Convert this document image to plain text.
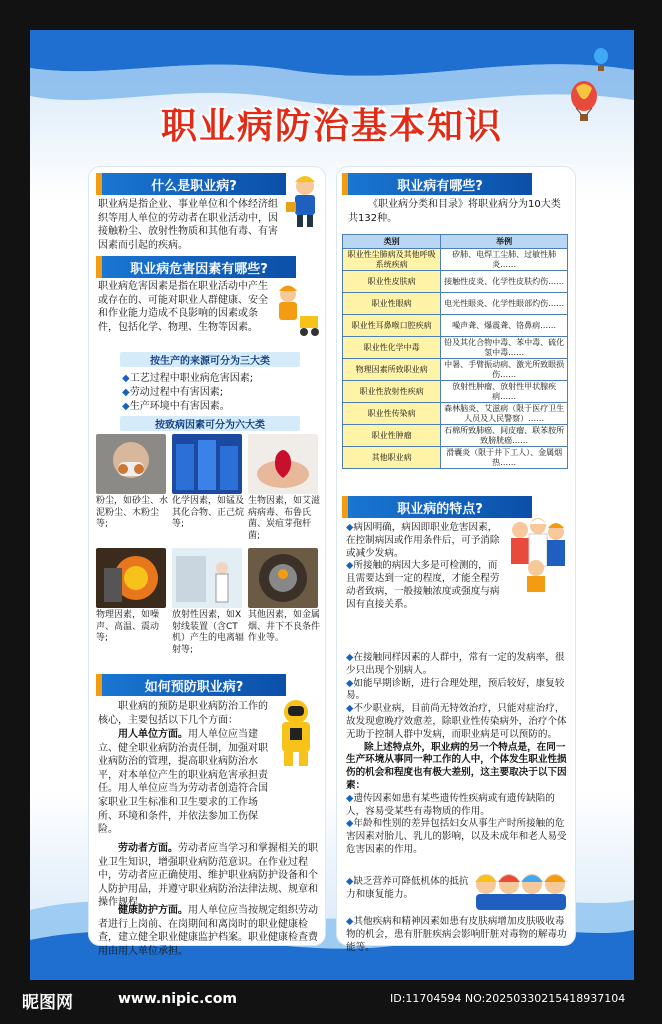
职业病防治基本知识
什么是职业病?
职业病是指企业、事业单位和个体经济组织等用人单位的劳动者在职业活动中，因接触粉尘、放射性物质和其他有毒、有害因素而引起的疾病。
职业病危害因素有哪些?
职业病危害因素是指在职业活动中产生或存在的、可能对职业人群健康、安全和作业能力造成不良影响的因素或条件，包括化学、物理、生物等因素。
按生产的来源可分为三大类
◆工艺过程中职业病危害因素;
◆劳动过程中有害因素;
◆生产环境中有害因素。
按致病因素可分为六大类
粉尘，如砂尘、水泥粉尘、木粉尘等;
化学因素，如锰及其化合物、正己烷等;
生物因素，如艾滋病病毒、布鲁氏菌、炭疽芽孢杆菌;
物理因素，如噪声、高温、震动等;
放射性因素，如X射线装置（含CT机）产生的电离辐射等;
其他因素，如金属烟、井下不良条件作业等。
如何预防职业病?
职业病的预防是职业病防治工作的核心，主要包括以下几个方面：
用人单位方面。用人单位应当建立、健全职业病防治责任制，加强对职业病防治的管理，提高职业病防治水平，对本单位产生的职业病危害承担责任。用人单位应当为劳动者创造符合国家职业卫生标准和卫生要求的工作场所、环境和条件，并依法参加工伤保险。
劳动者方面。劳动者应当学习和掌握相关的职业卫生知识，增强职业病防范意识。在作业过程中，劳动者应正确使用、维护职业病防护设备和个人防护用品，并遵守职业病防治法律法规、规章和操作规程。
健康防护方面。用人单位应当按规定组织劳动者进行上岗前、在岗期间和离岗时的职业健康检查，建立健全职业健康监护档案。职业健康检查费用由用人单位承担。
职业病有哪些?
《职业病分类和目录》将职业病分为10大类共132种。
类别	举例
职业性尘肺病及其他呼吸系统疾病	矽肺、电焊工尘肺、过敏性肺炎……
职业性皮肤病	接触性皮炎、化学性皮肤灼伤……
职业性眼病	电光性眼炎、化学性眼部灼伤……
职业性耳鼻喉口腔疾病	噪声聋、爆震聋、铬鼻病……
职业性化学中毒	铅及其化合物中毒、苯中毒、硫化氢中毒……
物理因素所致职业病	中暑、手臂振动病、激光所致眼损伤……
职业性放射性疾病	放射性肿瘤、放射性甲状腺疾病……
职业性传染病	森林脑炎、艾滋病（限于医疗卫生人员及人民警察）……
职业性肿瘤	石棉所致肺癌、间皮瘤、联苯胺所致膀胱癌……
其他职业病	滑囊炎（限于井下工人）、金属烟热……
职业病的特点?
◆病因明确，病因即职业危害因素，在控制病因或作用条件后，可予消除或减少发病。
◆所接触的病因大多是可检测的，而且需要达到一定的程度，才能全程劳动者致病，一般接触浓度或强度与病因有直接关系。
◆在接触同样因素的人群中，常有一定的发病率，很少只出现个别病人。
◆如能早期诊断，进行合理处理，预后较好，康复较易。
◆不少职业病，目前尚无特效治疗，只能对症治疗，故发现愈晚疗效愈差，除职业性传染病外，治疗个体无助于控制人群中发病，而职业病是可以预防的。
除上述特点外，职业病的另一个特点是，在同一生产环境从事同一种工作的人中，个体发生职业性损伤的机会和程度也有极大差别，这主要取决于以下因素：
◆遗传因素如患有某些遗传性疾病或有遗传缺陷的人，容易受某些有毒物质的作用。
◆年龄和性别的差异包括妇女从事生产时所接触的危害因素对胎儿、乳儿的影响，以及未成年和老人易受危害因素的作用。
◆缺乏营养可降低机体的抵抗力和康复能力。
◆其他疾病和精神因素如患有皮肤病增加皮肤吸收毒物的机会，患有肝脏疾病会影响肝脏对毒物的解毒功能等。
昵图网	www.nipic.com	ID:11704594 NO:20250330215418937104
